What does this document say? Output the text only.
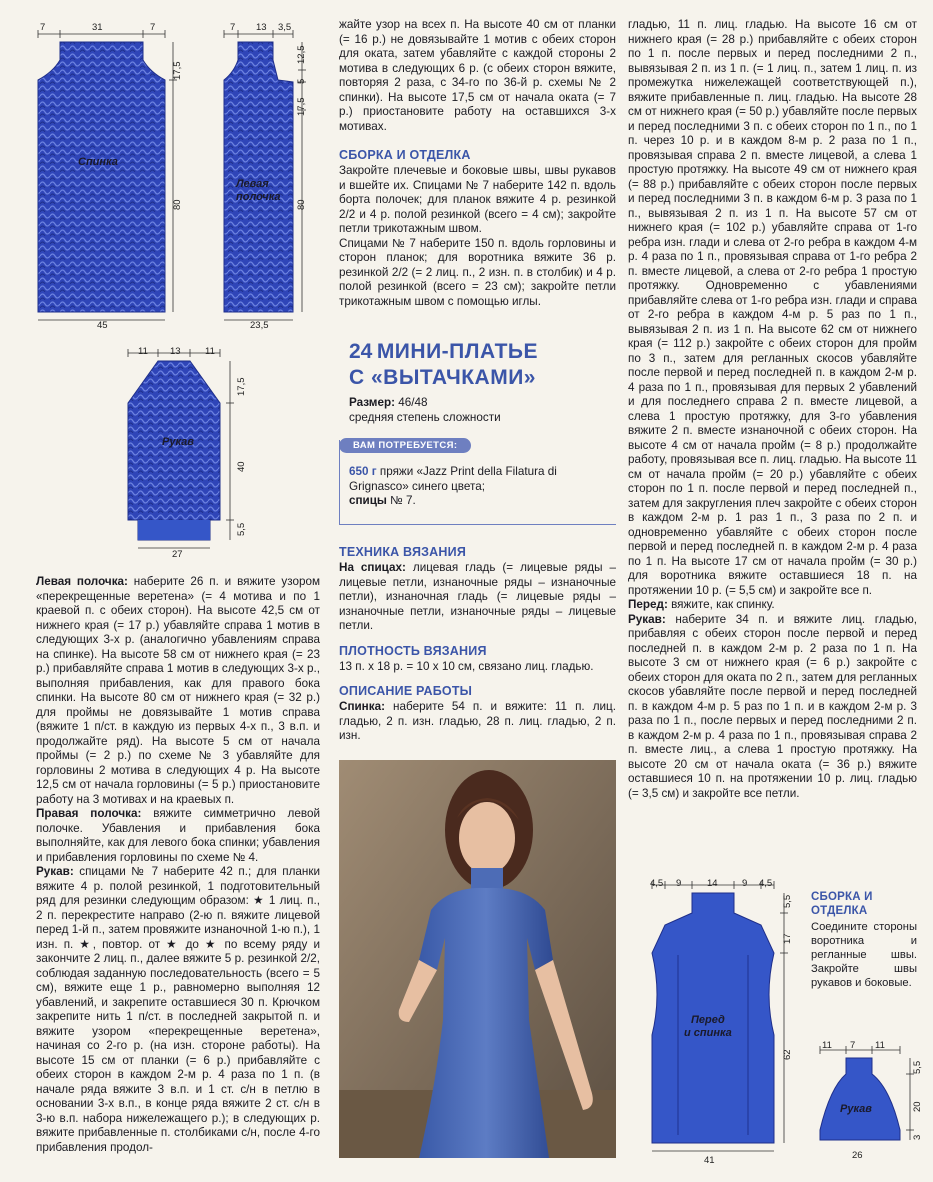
7	31	7
17,5
80
45
Спинка
7 13 3,5
12,5
5
17,5
80
23,5
Левая
полочка
11 13	11
17,5
40
5,5
27
Рукав

Левая полочка: наберите 26 п. и вяжите узором «перекрещенные веретена» (= 4 мотива и по 1 краевой п. с обеих сторон). На высоте 42,5 см от нижнего края (= 17 р.) убавляйте справа 1 мотив в следующих 3-х р. (аналогично убавлениям справа на спинке). На высоте 58 см от нижнего края (= 23 р.) прибавляйте справа 1 мотив в следующих 3-х р., выполняя прибавления, как для правого бока спинки. На высоте 80 см от нижнего края (= 32 р.) для проймы не довязывайте 1 мотив справа (вяжите 1 п/ст. в каждую из первых 4-х п., 3 в.п. и продолжайте ряд). На высоте 5 см от начала проймы (= 2 р.) по схеме № 3 убавляйте для горловины 2 мотива в следующих 4 р. На высоте 12,5 см от начала горловины (= 5 р.) приостановите работу на 3 мотивах и на краевых п.

Правая полочка: вяжите симметрично левой полочке. Убавления и прибавления бока выполняйте, как для левого бока спинки; убавления и прибавления горловины по схеме № 4.

Рукав: спицами № 7 наберите 42 п.; для планки вяжите 4 р. полой резинкой, 1 подготовительный ряд для резинки следующим образом: ★ 1 лиц. п., 2 п. перекрестите направо (2-ю п. вяжите лицевой перед 1-й п., затем провяжите изнаночной 1-ю п.), 1 изн. п. ★, повтор. от ★ до ★ по всему ряду и закончите 2 лиц. п., далее вяжите 5 р. резинкой 2/2, соблюдая заданную последовательность (всего = 5 см), вяжите еще 1 р., равномерно выполняя 12 убавлений, и закрепите оставшиеся 30 п. Крючком закрепите нить 1 п/ст. в последней закрытой п. и вяжите узором «перекрещенные веретена», начиная со 2-го р. (на изн. стороне работы). На высоте 15 см от планки (= 6 р.) прибавляйте с обеих сторон в каждом 2-м р. 4 раза по 1 п. (в начале ряда вяжите 3 в.п. и 1 ст. с/н в петлю в основании 3-х в.п., в конце ряда вяжите 2 ст. с/н в 3-ю в.п. набора нижележащего р.); в следующих р. вяжите прибавленные п. столбиками с/н, после 4-го прибавления продол-

жайте узор на всех п. На высоте 40 см от планки (= 16 р.) не довязывайте 1 мотив с обеих сторон для оката, затем убавляйте с каждой стороны 2 мотива в следующих 6 р. (с обеих сторон вяжите, повторяя 2 раза, с 34-го по 36-й р. схемы № 2 спинки). На высоте 17,5 см от начала оката (= 7 р.) приостановите работу на оставшихся 3-х мотивах.

СБОРКА И ОТДЕЛКА

Закройте плечевые и боковые швы, швы рукавов и вшейте их. Спицами № 7 наберите 142 п. вдоль борта полочек; для планок вяжите 4 р. резинкой 2/2 и 4 р. полой резинкой (всего = 4 см); закройте петли трикотажным швом.

Спицами № 7 наберите 150 п. вдоль горловины и сторон планок; для воротника вяжите 36 р. резинкой 2/2 (= 2 лиц. п., 2 изн. п. в столбик) и 4 р. полой резинкой (всего = 23 см); закройте петли трикотажным швом с помощью иглы.

24 МИНИ-ПЛАТЬЕ
С «ВЫТАЧКАМИ»

Размер: 46/48
средняя степень сложности

ВАМ ПОТРЕБУЕТСЯ:

650 г пряжи «Jazz Print della Filatura di Grignasco» синего цвета;
спицы № 7.

ТЕХНИКА ВЯЗАНИЯ

На спицах: лицевая гладь (= лицевые ряды – лицевые петли, изнаночные ряды – изнаночные петли), изнаночная гладь (= лицевые ряды – изнаночные петли, изнаночные ряды – лицевые петли.

ПЛОТНОСТЬ ВЯЗАНИЯ

13 п. х 18 р. = 10 х 10 см, связано лиц. гладью.

ОПИСАНИЕ РАБОТЫ

Спинка: наберите 54 п. и вяжите: 11 п. лиц. гладью, 2 п. изн. гладью, 28 п. лиц. гладью, 2 п. изн.

гладью, 11 п. лиц. гладью. На высоте 16 см от нижнего края (= 28 р.) прибавляйте с обеих сторон по 1 п. после первых и перед последними 2 п., вывязывая 2 п. из 1 п. (= 1 лиц. п., затем 1 лиц. п. из промежутка нижележащей соответствующей п.), вяжите прибавленные п. лиц. гладью. На высоте 28 см от нижнего края (= 50 р.) убавляйте после первых и перед последними 3 п. с обеих сторон по 1 п., по 1 п. через 10 р. и в каждом 8-м р. 2 раза по 1 п., провязывая справа 2 п. вместе лицевой, а слева 1 простую протяжку. На высоте 49 см от нижнего края (= 88 р.) прибавляйте с обеих сторон после первых и перед последними 3 п. в каждом 6-м р. 3 раза по 1 п., вывязывая 2 п. из 1 п. На высоте 57 см от нижнего края (= 102 р.) убавляйте справа от 1-го ребра изн. глади и слева от 2-го ребра в каждом 4-м р. 4 раза по 1 п., провязывая справа от 1-го ребра 2 п. вместе лицевой, а слева от 2-го ребра 1 простую протяжку. Одновременно с убавлениями прибавляйте слева от 1-го ребра изн. глади и справа от 2-го ребра в каждом 4-м р. 5 раз по 1 п., вывязывая 2 п. из 1 п. На высоте 62 см от нижнего края (= 112 р.) закройте с обеих сторон для пройм по 3 п., затем для регланных скосов убавляйте после первой и перед последней п. в каждом 2-м р. 4 раза по 1 п., провязывая для первых 2 убавлений и для последнего справа 2 п. вместе лицевой, а слева 1 простую протяжку, для 3-го убавления вяжите 2 п. вместе изнаночной с обеих сторон. На высоте 4 см от начала пройм (= 8 р.) продолжайте работу, провязывая все п. лиц. гладью. На высоте 11 см от начала пройм (= 20 р.) убавляйте с обеих сторон по 1 п. после первой и перед последней п., затем для закругления плеч закройте с обеих сторон в каждом 2-м р. 1 раз 1 п., 3 раза по 2 п. и одновременно убавляйте с обеих сторон после первой и перед последней п. в каждом 2-м р. 4 раза по 1 п. На высоте 17 см от начала пройм (= 30 р.) для воротника вяжите оставшиеся 18 п. на протяжении 10 р. (= 5,5 см) и закройте все п.

Перед: вяжите, как спинку.

Рукав: наберите 34 п. и вяжите лиц. гладью, прибавляя с обеих сторон после первой и перед последней п. в каждом 2-м р. 2 раза по 1 п. На высоте 3 см от нижнего края (= 6 р.) закройте с обеих сторон для оката по 2 п., затем для регланных скосов убавляйте после первой и перед последней п. в каждом 4-м р. 5 раз по 1 п. и в каждом 2-м р. 3 раза по 1 п., после первых и перед последними 2 п. в каждом 2-м р. 4 раза по 1 п., провязывая справа 2 п. вместе лиц., а слева 1 простую протяжку. На высоте 20 см от начала оката (= 36 р.) вяжите оставшиеся 10 п. на протяжении 10 р. лиц. гладью (= 3,5 см) и закройте все петли.

4,5 9	14	9 4,5
5,5
17
62
41
Перед
и спинка
СБОРКА И ОТДЕЛКА

Соедините стороны воротника и регланные швы. Закройте швы рукавов и боковые.

11 7 11
5,5
20
3
26
Рукав
